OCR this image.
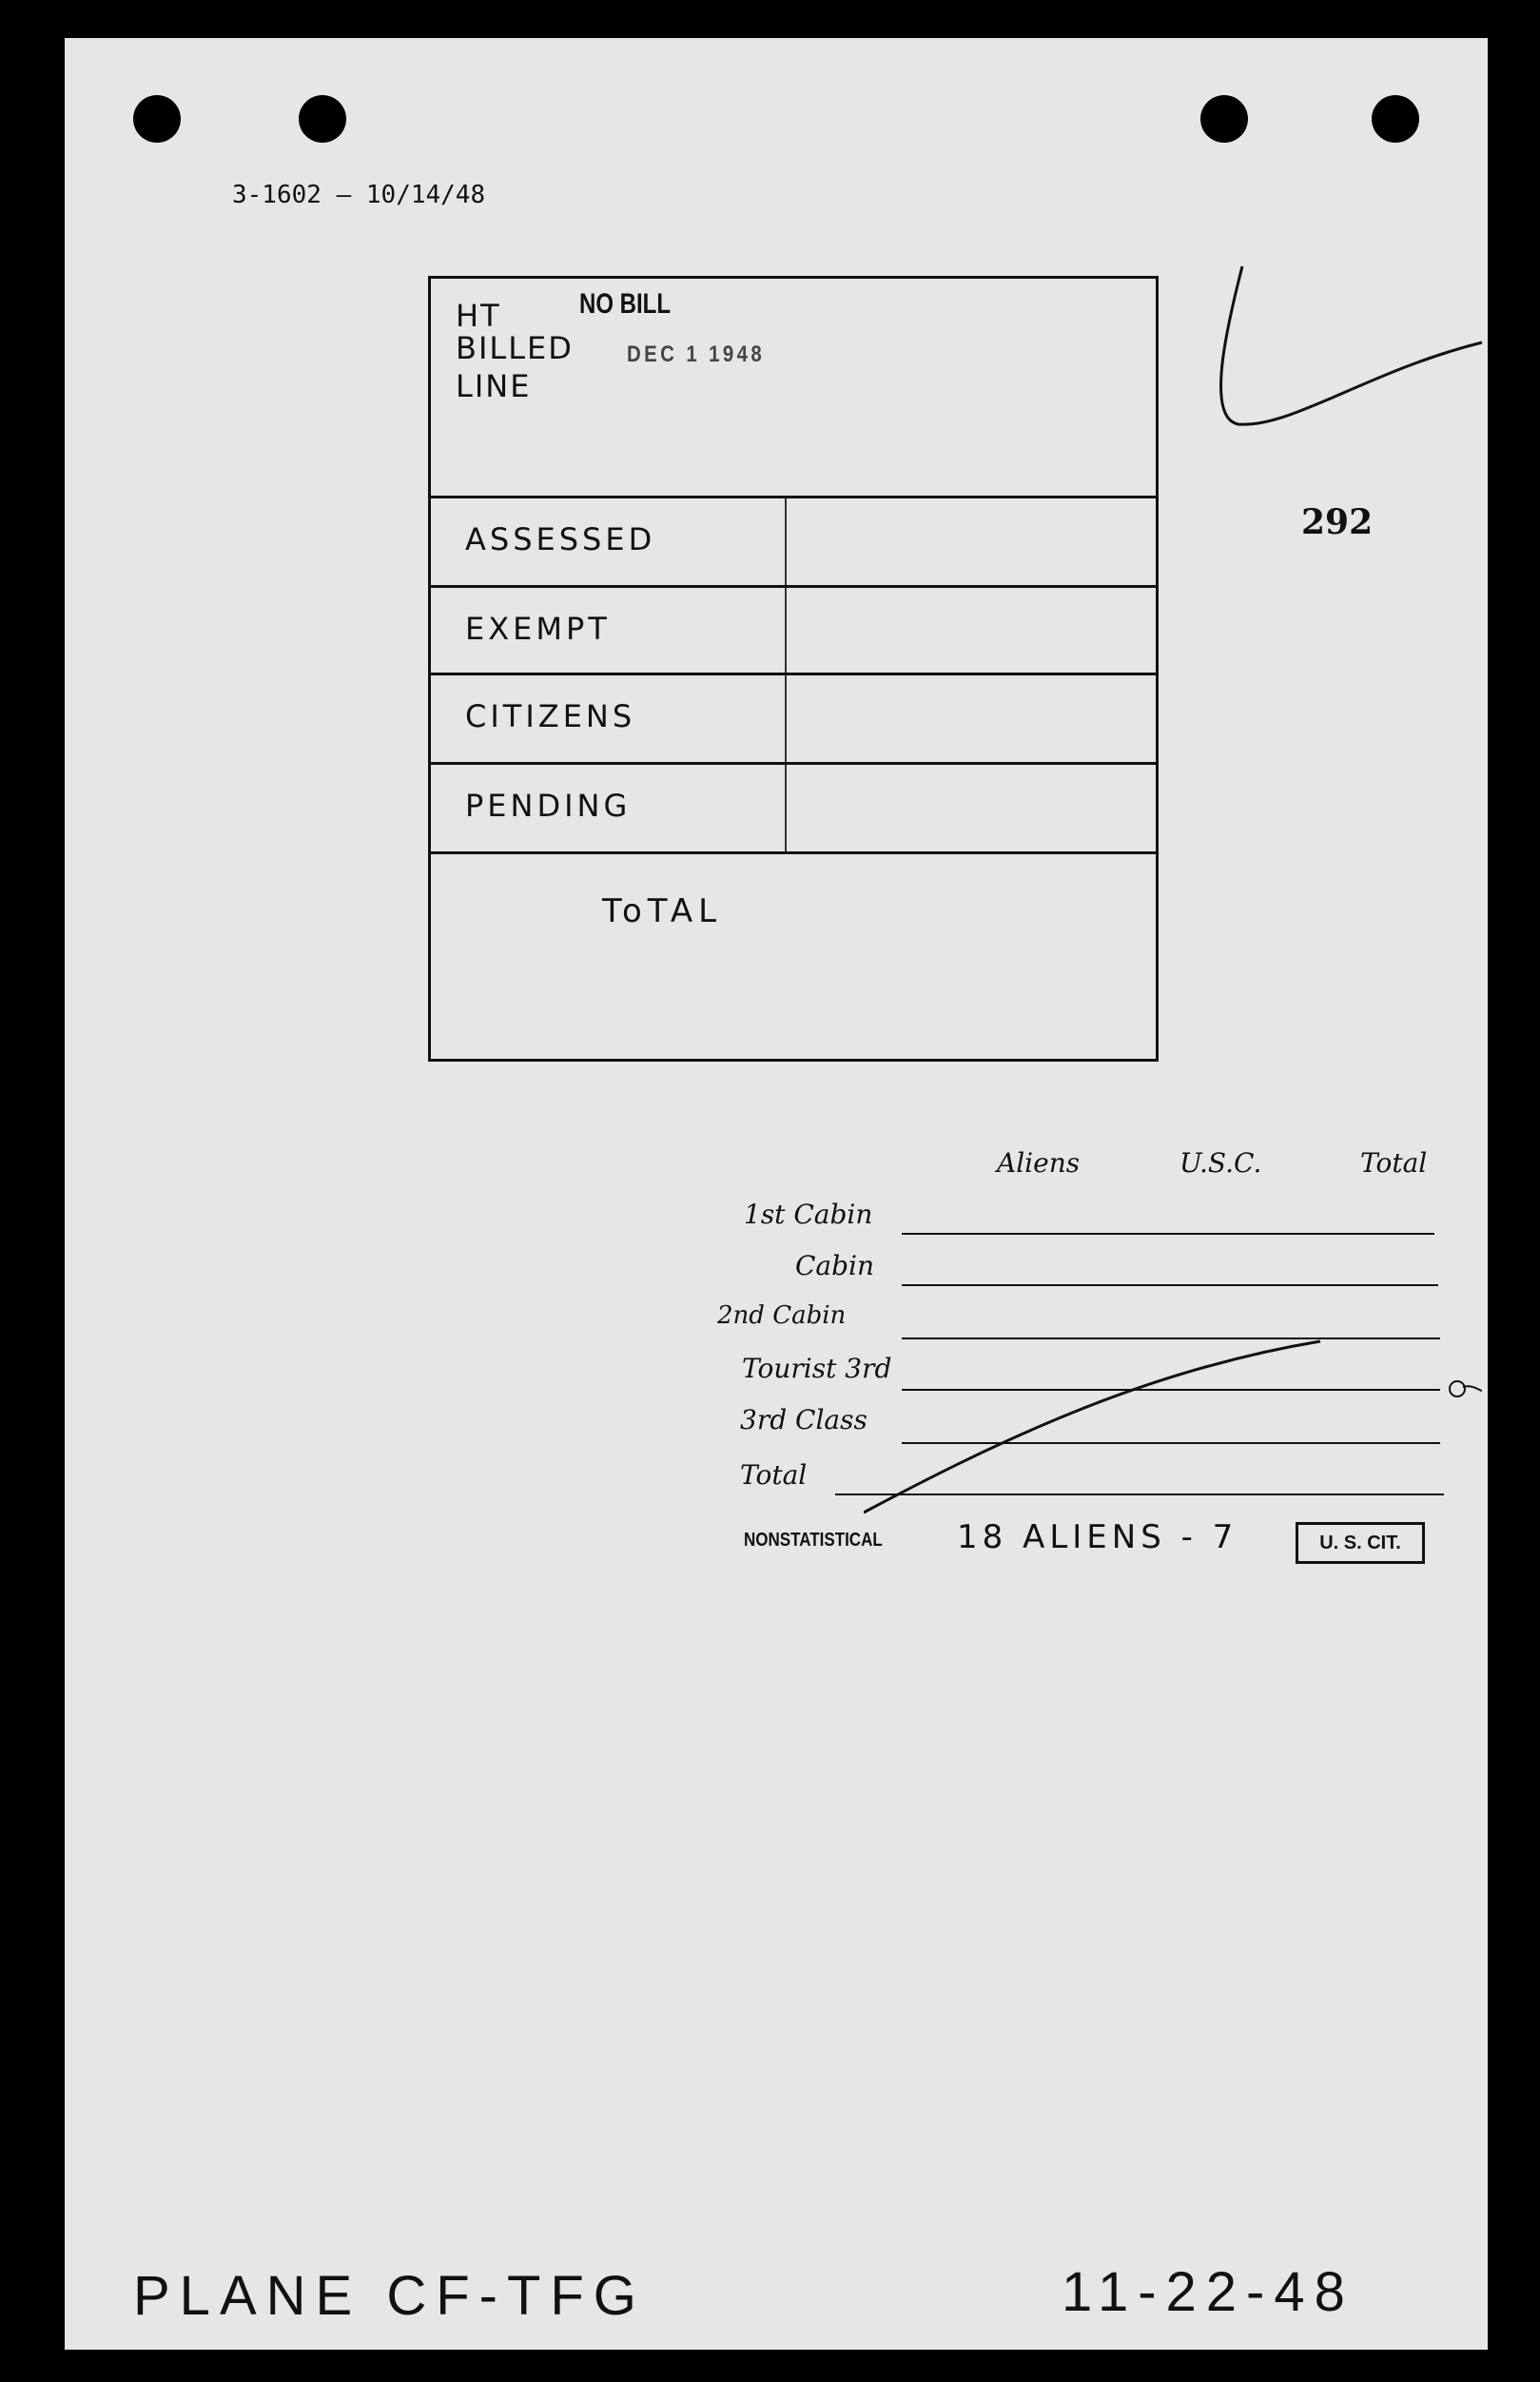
3-1602 — 10/14/48
292
HT
BILLED
LINE
NO BILL
DEC 1 1948
ASSESSED
EXEMPT
CITIZENS
PENDING
ToTAL
Aliens	U.S.C.	Total
1st Cabin
Cabin
2nd Cabin
Tourist 3rd
3rd Class
Total
NONSTATISTICAL 18 ALIENS - 7	U. S. CIT.
PLANE CF-TFG	11-22-48
